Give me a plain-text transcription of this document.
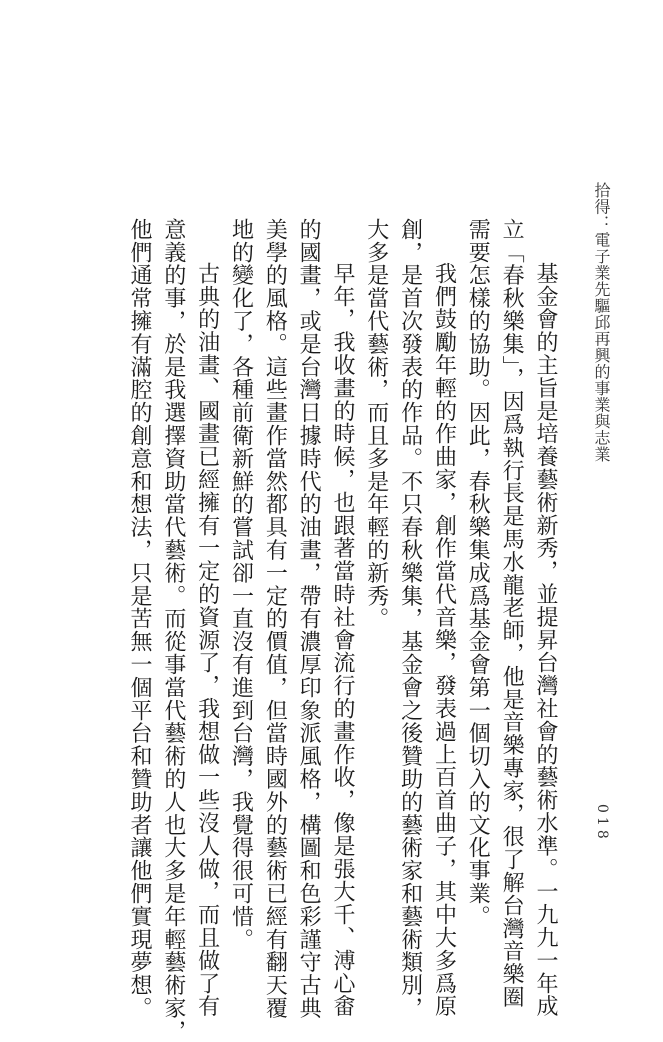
拾得：電子業先驅邱再興的事業與志業
018
基金會的主旨是培養藝術新秀，並提昇台灣社會的藝術水準。一九九一年成
立「春秋樂集」，因爲執行長是馬水龍老師，他是音樂專家，很了解台灣音樂圈
需要怎樣的協助。因此，春秋樂集成爲基金會第一個切入的文化事業。
我們鼓勵年輕的作曲家，創作當代音樂，發表過上百首曲子，其中大多爲原
創，是首次發表的作品。不只春秋樂集，基金會之後贊助的藝術家和藝術類別，
大多是當代藝術，而且多是年輕的新秀。
早年，我收畫的時候，也跟著當時社會流行的畫作收，像是張大千、溥心畬
的國畫，或是台灣日據時代的油畫，帶有濃厚印象派風格，構圖和色彩謹守古典
美學的風格。這些畫作當然都具有一定的價值，但當時國外的藝術已經有翻天覆
地的變化了，各種前衛新鮮的嘗試卻一直沒有進到台灣，我覺得很可惜。
古典的油畫、國畫已經擁有一定的資源了，我想做一些沒人做，而且做了有
意義的事，於是我選擇資助當代藝術。而從事當代藝術的人也大多是年輕藝術家，
他們通常擁有滿腔的創意和想法，只是苦無一個平台和贊助者讓他們實現夢想。
